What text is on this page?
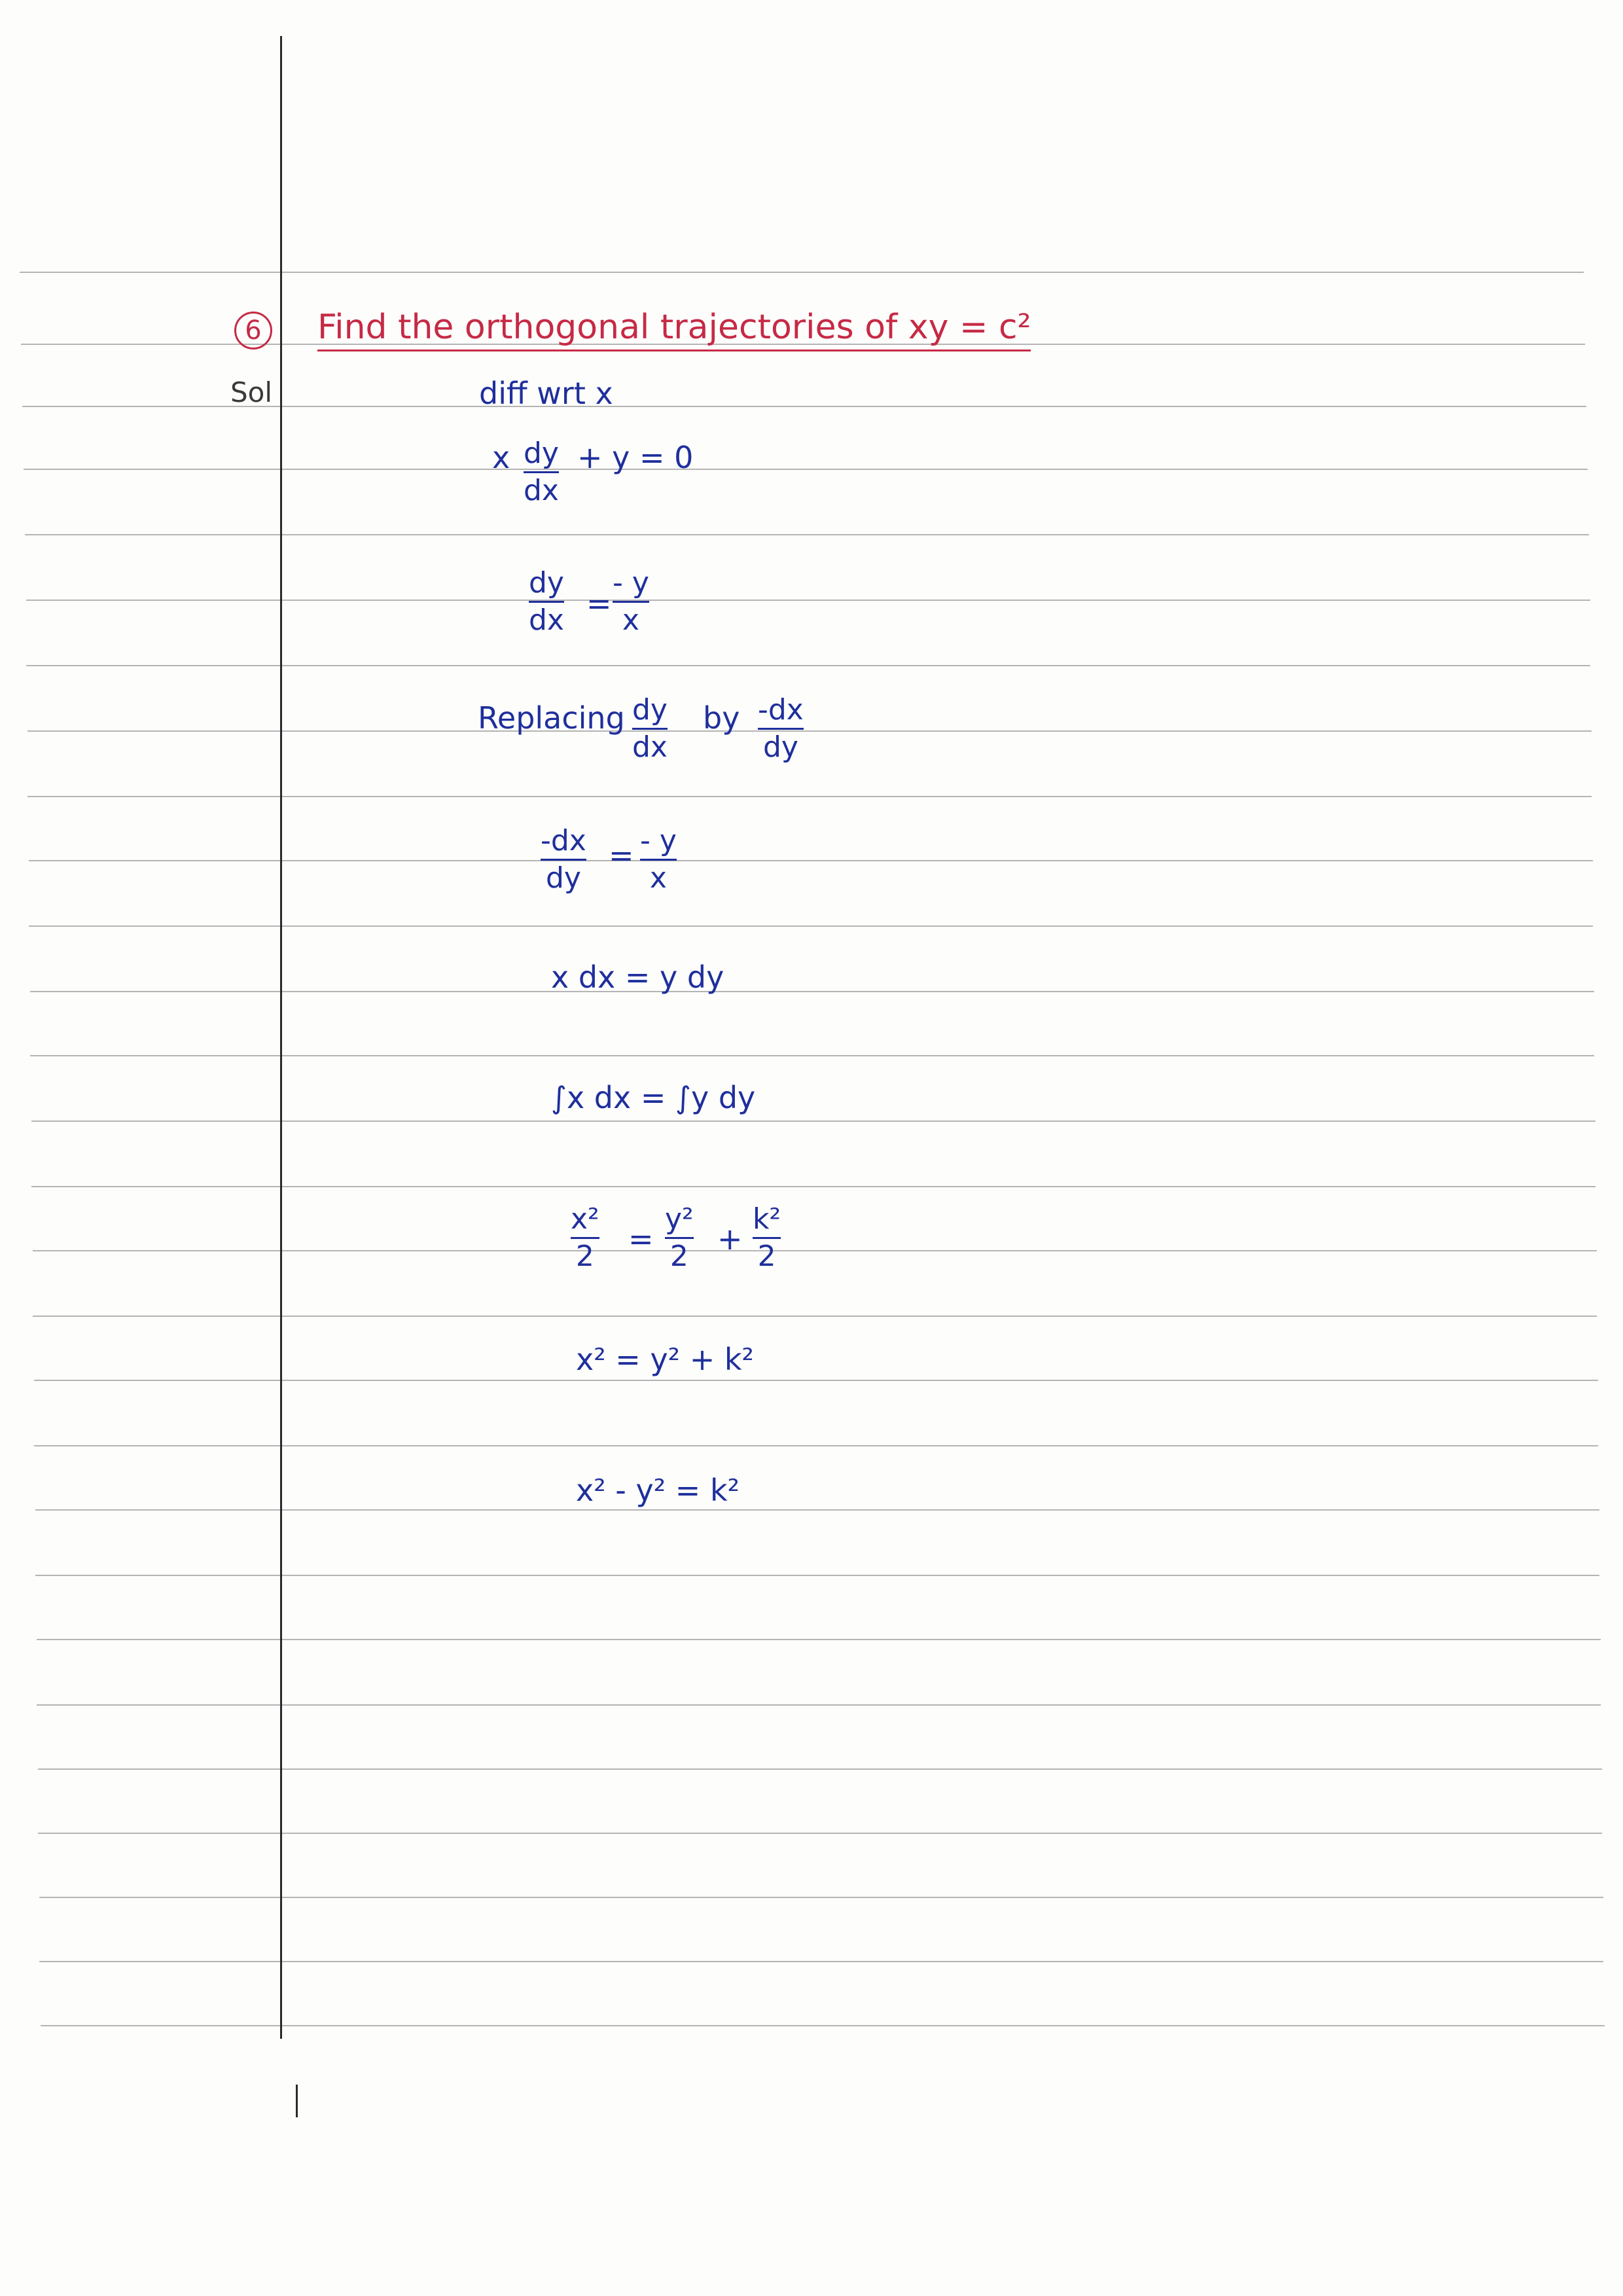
6	Find the orthogonal trajectories of xy = c²
Sol	diff wrt x
x dy
dx
+ y = 0
dy
dx =
- y
x
Replacing dy
dx
by -dx
dy
-dx
dy
= - y
x
x dx = y dy
∫x dx = ∫y dy
x²
2 =
y²
2 +
k²
2
x² = y² + k²
x² - y² = k²
